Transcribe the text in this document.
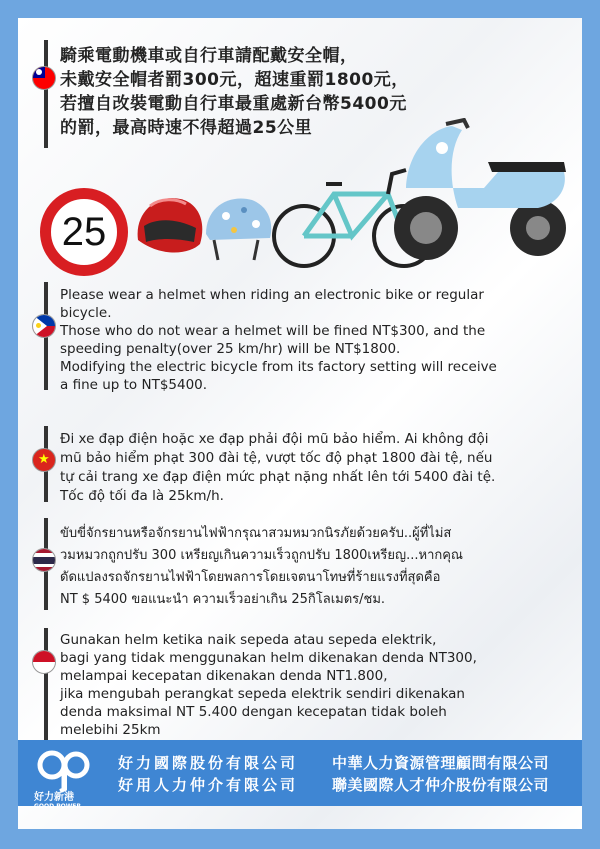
騎乘電動機車或自行車請配戴安全帽，
未戴安全帽者罰300元，超速重罰1800元，
若擅自改裝電動自行車最重處新台幣5400元
的罰，最高時速不得超過25公里
25
Please wear a helmet when riding an electronic bike or regular
bicycle.
Those who do not wear a helmet will be fined NT$300, and the
speeding penalty(over 25 km/hr) will be NT$1800.
Modifying the electric bicycle from its factory setting will receive
a fine up to NT$5400.
★
Đi xe đạp điện hoặc xe đạp phải đội mũ bảo hiểm. Ai không đội
mũ bảo hiểm phạt 300 đài tệ, vượt tốc độ phạt 1800 đài tệ, nếu
tự cải trang xe đạp điện mức phạt nặng nhất lên tới 5400 đài tệ.
Tốc độ tối đa là 25km/h.
ขับขี่จักรยานหรือจักรยานไฟฟ้ากรุณาสวมหมวกนิรภัยด้วยครับ..ผู้ที่ไม่ส
วมหมวกถูกปรับ 300 เหรียญเกินความเร็วถูกปรับ 1800เหรียญ...หากคุณ
ดัดแปลงรถจักรยานไฟฟ้าโดยพลการโดยเจตนาโทษที่ร้ายแรงที่สุดคือ
NT $ 5400 ขอแนะนำ ความเร็วอย่าเกิน 25กิโลเมตร/ชม.
Gunakan helm ketika naik sepeda atau sepeda elektrik,
bagi yang tidak menggunakan helm dikenakan denda NT300,
melampai kecepatan dikenakan denda NT1.800,
jika mengubah perangkat sepeda elektrik sendiri dikenakan
denda maksimal NT 5.400 dengan kecepatan tidak boleh
melebihi 25km
好力新港
GOOD POWER
好力國際股份有限公司
好用人力仲介有限公司
中華人力資源管理顧問有限公司
聯美國際人才仲介股份有限公司
